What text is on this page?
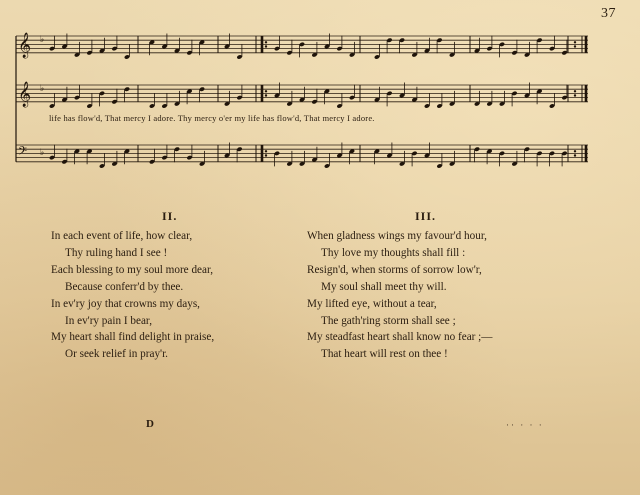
37
𝄞 ♭
𝄞 ♭
𝄢 ♭
life has flow'd, That mercy I adore. Thy mercy o'er my life has flow'd, That mercy I adore.
II.
In each event of life, how clear,
Thy ruling hand I see !
Each blessing to my soul more dear,
Because conferr'd by thee.
In ev'ry joy that crowns my days,
In ev'ry pain I bear,
My heart shall find delight in praise,
Or seek relief in pray'r.
III.
When gladness wings my favour'd hour,
Thy love my thoughts shall fill :
Resign'd, when storms of sorrow low'r,
My soul shall meet thy will.
My lifted eye, without a tear,
The gath'ring storm shall see ;
My steadfast heart shall know no fear ;—
That heart will rest on thee !
D	·· · · ·
